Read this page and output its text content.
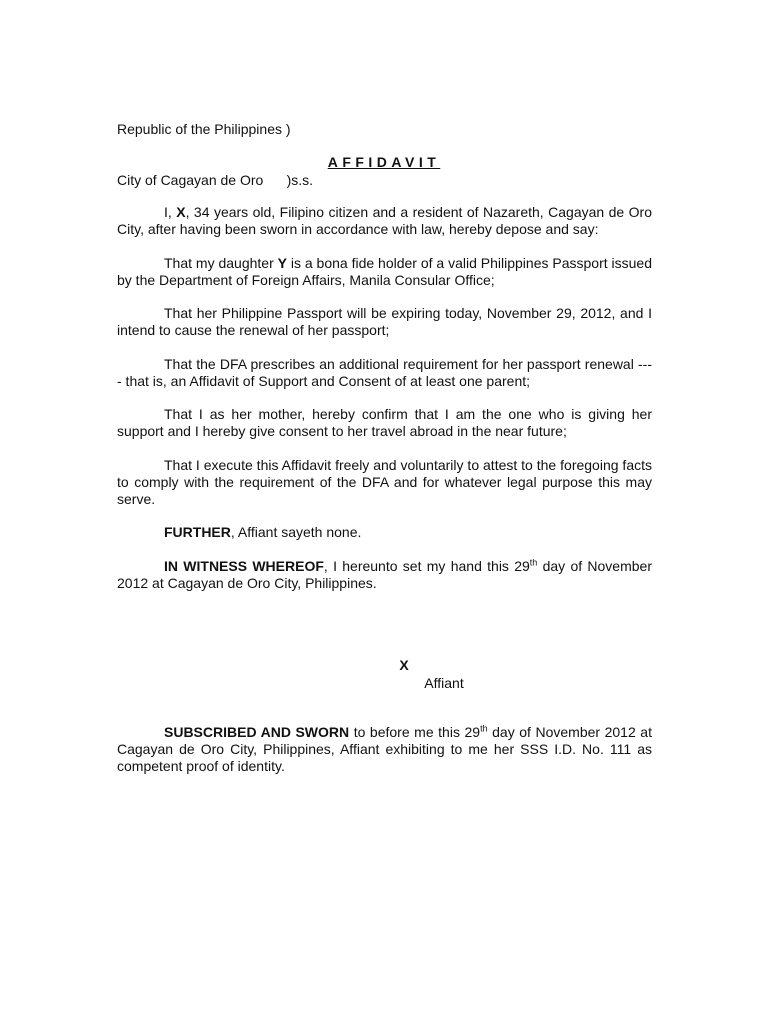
Republic of the Philippines )

City of Cagayan de Oro      )s.s.

AFFIDAVIT

I, X, 34 years old, Filipino citizen and a resident of Nazareth, Cagayan de Oro City, after having been sworn in accordance with law, hereby depose and say:

That my daughter Y is a bona fide holder of a valid Philippines Passport issued by the Department of Foreign Affairs, Manila Consular Office;

That her Philippine Passport will be expiring today, November 29, 2012, and I intend to cause the renewal of her passport;

That the DFA prescribes an additional requirement for her passport renewal ---- that is, an Affidavit of Support and Consent of at least one parent;

That I as her mother, hereby confirm that I am the one who is giving her support and I hereby give consent to her travel abroad in the near future;

That I execute this Affidavit freely and voluntarily to attest to the foregoing facts to comply with the requirement of the DFA and for whatever legal purpose this may serve.

FURTHER, Affiant sayeth none.

IN WITNESS WHEREOF, I hereunto set my hand this 29th day of November 2012 at Cagayan de Oro City, Philippines.

X
Affiant

SUBSCRIBED AND SWORN to before me this 29th day of November 2012 at Cagayan de Oro City, Philippines, Affiant exhibiting to me her SSS I.D. No. 111 as competent proof of identity.
